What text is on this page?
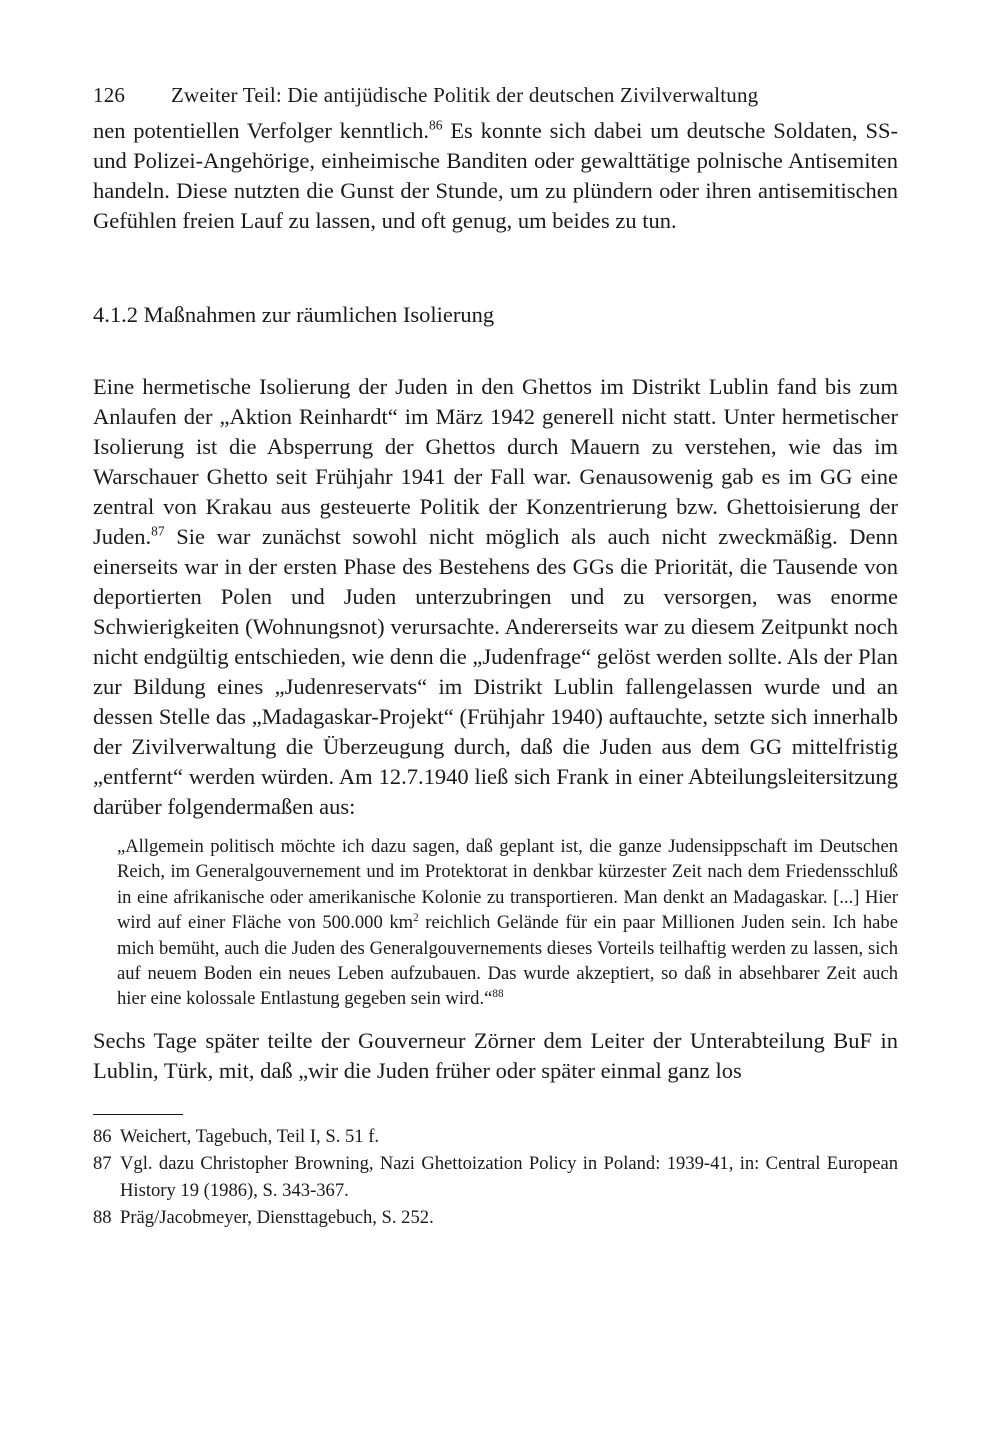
126 Zweiter Teil: Die antijüdische Politik der deutschen Zivilverwaltung

nen potentiellen Verfolger kenntlich.$^{86}$ Es konnte sich dabei um deutsche Soldaten, SS- und Polizei-Angehörige, einheimische Banditen oder gewalttätige polnische Antisemiten handeln. Diese nutzten die Gunst der Stunde, um zu plündern oder ihren antisemitischen Gefühlen freien Lauf zu lassen, und oft genug, um beides zu tun.

4.1.2 Maßnahmen zur räumlichen Isolierung

Eine hermetische Isolierung der Juden in den Ghettos im Distrikt Lublin fand bis zum Anlaufen der „Aktion Reinhardt“ im März 1942 generell nicht statt. Unter hermetischer Isolierung ist die Absperrung der Ghettos durch Mauern zu verstehen, wie das im Warschauer Ghetto seit Frühjahr 1941 der Fall war. Genausowenig gab es im GG eine zentral von Krakau aus gesteuerte Politik der Konzentrierung bzw. Ghettoisierung der Juden.$^{87}$ Sie war zunächst sowohl nicht möglich als auch nicht zweckmäßig. Denn einerseits war in der ersten Phase des Bestehens des GGs die Priorität, die Tausende von deportierten Polen und Juden unterzubringen und zu versorgen, was enorme Schwierigkeiten (Wohnungsnot) verursachte. Andererseits war zu diesem Zeitpunkt noch nicht endgültig entschieden, wie denn die „Judenfrage“ gelöst werden sollte. Als der Plan zur Bildung eines „Judenreservats“ im Distrikt Lublin fallengelassen wurde und an dessen Stelle das „Madagaskar-Projekt“ (Frühjahr 1940) auftauchte, setzte sich innerhalb der Zivilverwaltung die Überzeugung durch, daß die Juden aus dem GG mittelfristig „entfernt“ werden würden. Am 12.7.1940 ließ sich Frank in einer Abteilungsleitersitzung darüber folgendermaßen aus:

„Allgemein politisch möchte ich dazu sagen, daß geplant ist, die ganze Judensippschaft im Deutschen Reich, im Generalgouvernement und im Protektorat in denkbar kürzester Zeit nach dem Friedensschluß in eine afrikanische oder amerikanische Kolonie zu transportieren. Man denkt an Madagaskar. [...] Hier wird auf einer Fläche von 500.000 $km^2$ reichlich Gelände für ein paar Millionen Juden sein. Ich habe mich bemüht, auch die Juden des Generalgouvernements dieses Vorteils teilhaftig werden zu lassen, sich auf neuem Boden ein neues Leben aufzubauen. Das wurde akzeptiert, so daß in absehbarer Zeit auch hier eine kolossale Entlastung gegeben sein wird.“$^{88}$

Sechs Tage später teilte der Gouverneur Zörner dem Leiter der Unterabteilung BuF in Lublin, Türk, mit, daß „wir die Juden früher oder später einmal ganz los

86 Weichert, Tagebuch, Teil I, S. 51 f.
87 Vgl. dazu Christopher Browning, Nazi Ghettoization Policy in Poland: 1939-41, in: Central European History 19 (1986), S. 343-367.
88 Präg/Jacobmeyer, Diensttagebuch, S. 252.
